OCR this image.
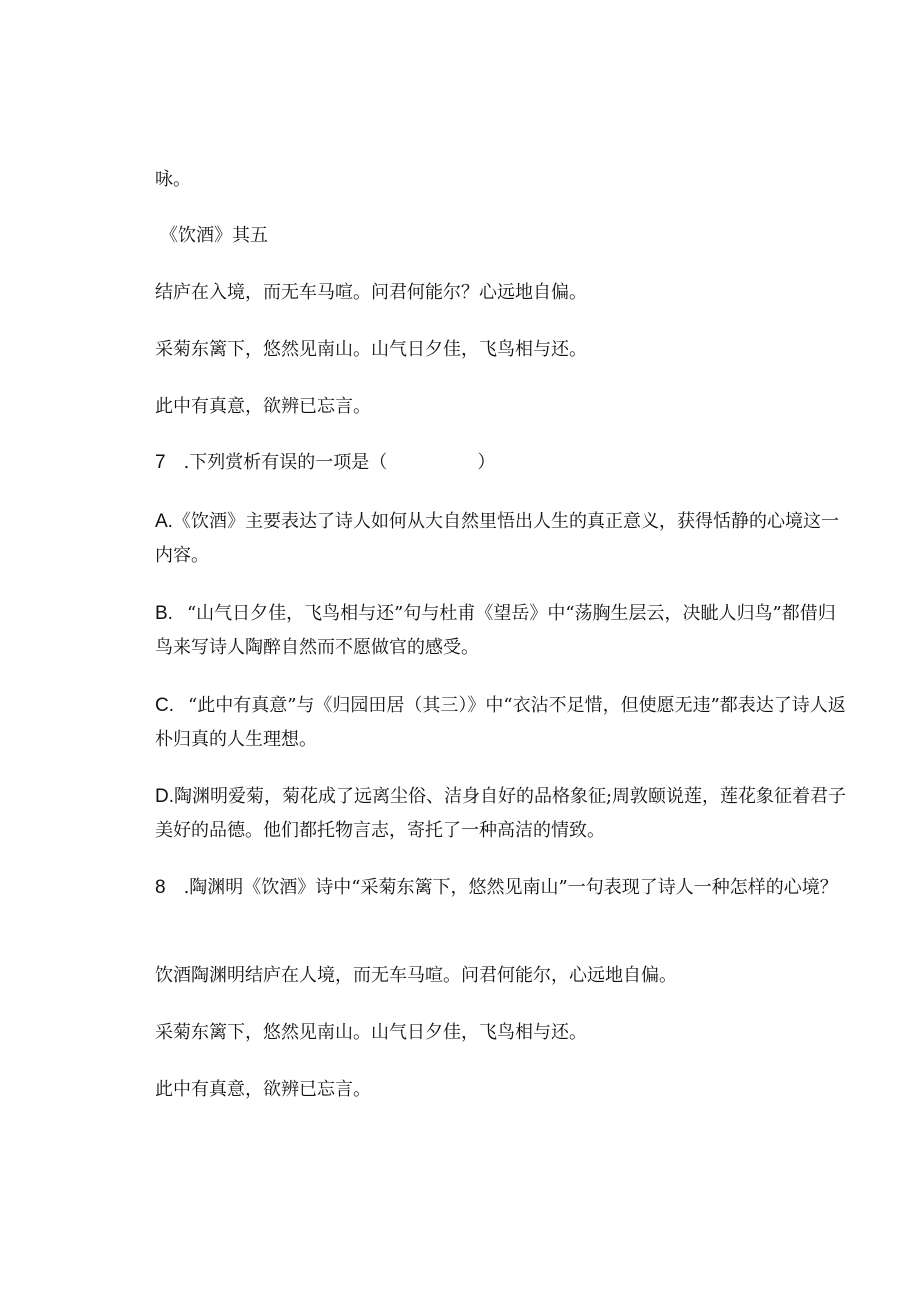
咏。
《饮酒》其五
结庐在入境，而无车马喧。问君何能尔？心远地自偏。
采菊东篱下，悠然见南山。山气日夕佳，飞鸟相与还。
此中有真意，欲辨已忘言。
7 .下列赏析有误的一项是（	）
A.《饮酒》主要表达了诗人如何从大自然里悟出人生的真正意义，获得恬静的心境这一内容。
B. “山气日夕佳，飞鸟相与还”句与杜甫《望岳》中“荡胸生层云，决眦人归鸟”都借归鸟来写诗人陶醉自然而不愿做官的感受。
C. “此中有真意”与《归园田居（其三）》中“衣沾不足惜，但使愿无违”都表达了诗人返朴归真的人生理想。
D.陶渊明爱菊，菊花成了远离尘俗、洁身自好的品格象征;周敦颐说莲，莲花象征着君子美好的品德。他们都托物言志，寄托了一种高洁的情致。
8 .陶渊明《饮酒》诗中“采菊东篱下，悠然见南山”一句表现了诗人一种怎样的心境？
饮酒陶渊明结庐在人境，而无车马喧。问君何能尔，心远地自偏。
采菊东篱下，悠然见南山。山气日夕佳，飞鸟相与还。
此中有真意，欲辨已忘言。
